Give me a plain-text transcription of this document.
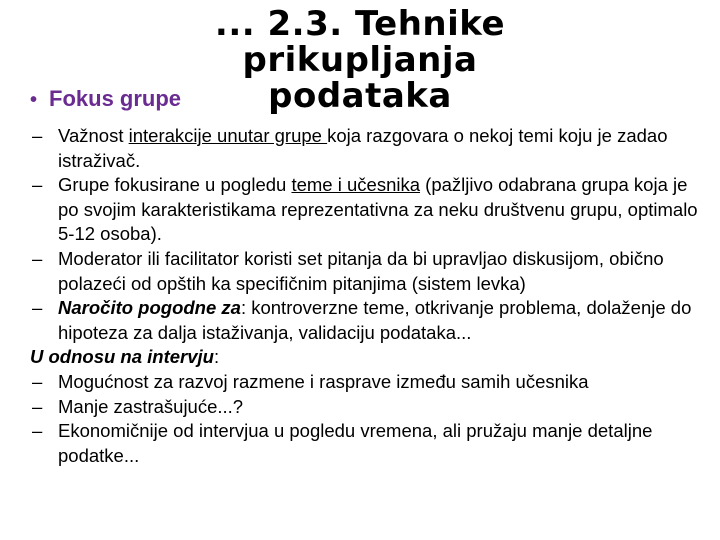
... 2.3. Tehnike prikupljanja
podataka
• Fokus grupe
– Važnost interakcije unutar grupe koja razgovara o nekoj temi koju je zadao istraživač.
– Grupe fokusirane u pogledu teme i učesnika (pažljivo odabrana grupa koja je po svojim karakteristikama reprezentativna za neku društvenu grupu, optimalo 5-12 osoba).
– Moderator ili facilitator koristi set pitanja da bi upravljao diskusijom, obično polazeći od opštih ka specifičnim pitanjima (sistem levka)
– Naročito pogodne za: kontroverzne teme, otkrivanje problema, dolaženje do hipoteza za dalja istaživanja, validaciju podataka...
U odnosu na intervju:
– Mogućnost za razvoj razmene i rasprave između samih učesnika
– Manje zastrašujuće...?
– Ekonomičnije od intervjua u pogledu vremena, ali pružaju manje detaljne podatke...
